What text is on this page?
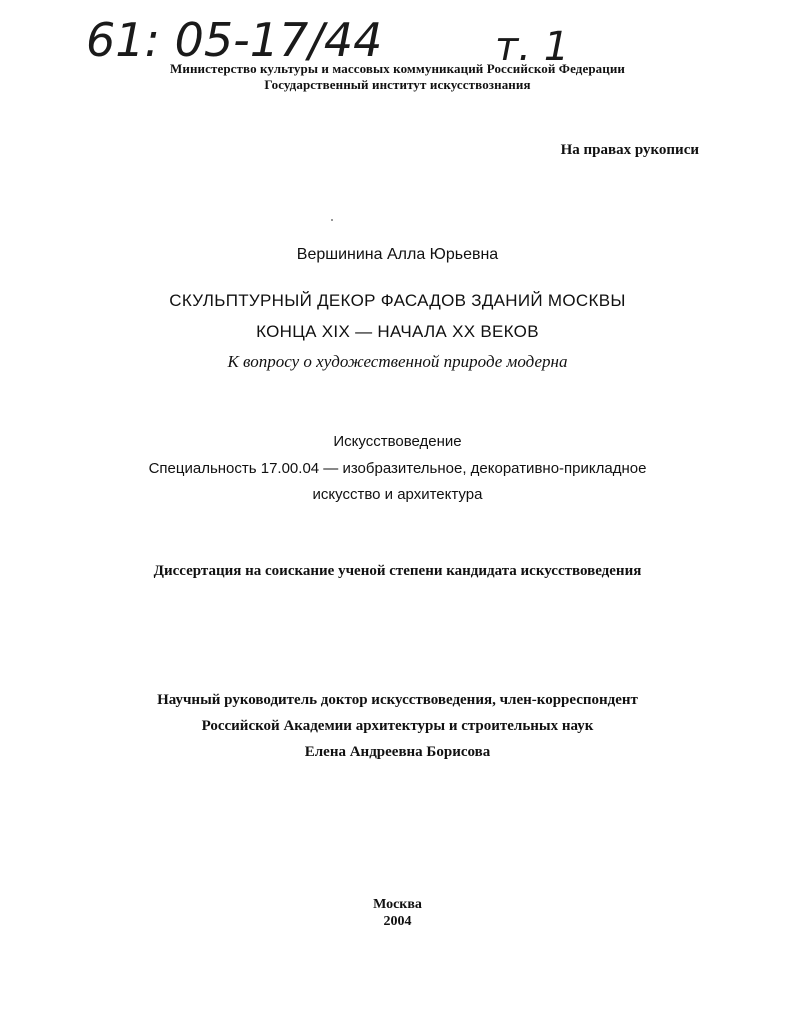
61: 05-17/44	т. 1
Министерство культуры и массовых коммуникаций Российской Федерации
Государственный институт искусствознания
На правах рукописи
Вершинина Алла Юрьевна
СКУЛЬПТУРНЫЙ ДЕКОР ФАСАДОВ ЗДАНИЙ МОСКВЫ
КОНЦА XIX — НАЧАЛА XX ВЕКОВ
К вопросу о художественной природе модерна
Искусствоведение
Специальность 17.00.04 — изобразительное, декоративно-прикладное
искусство и архитектура
Диссертация на соискание ученой степени кандидата искусствоведения
Научный руководитель доктор искусствоведения, член-корреспондент
Российской Академии архитектуры и строительных наук
Елена Андреевна Борисова
Москва
2004
